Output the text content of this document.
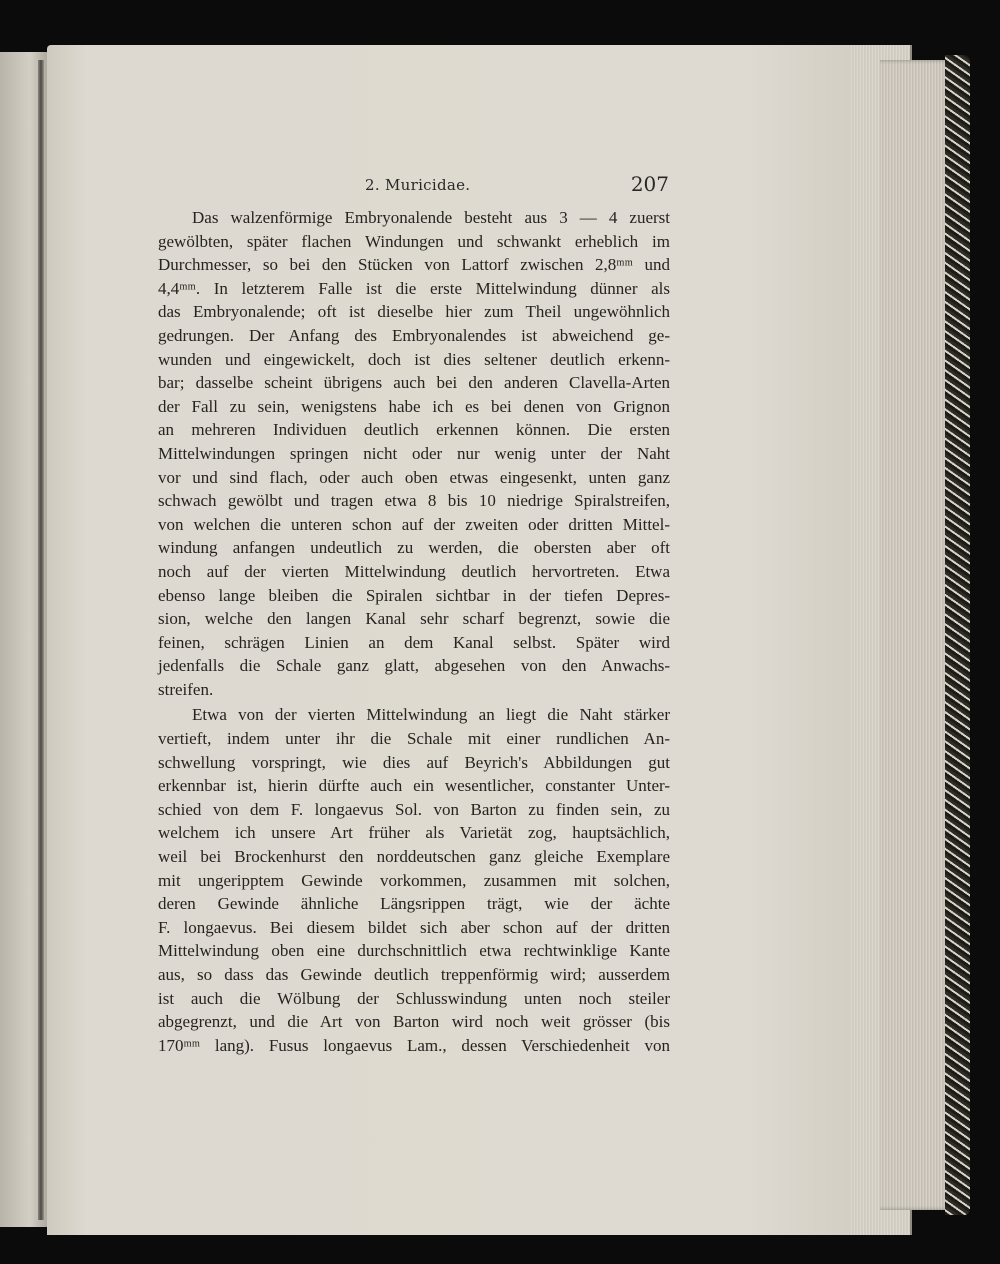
2. Muricidae.	207
Das walzenförmige Embryonalende besteht aus 3 — 4 zuerst
gewölbten, später flachen Windungen und schwankt erheblich im
Durchmesser, so bei den Stücken von Lattorf zwischen 2,8ᵐᵐ und
4,4ᵐᵐ. In letzterem Falle ist die erste Mittelwindung dünner als
das Embryonalende; oft ist dieselbe hier zum Theil ungewöhnlich
gedrungen. Der Anfang des Embryonalendes ist abweichend ge-
wunden und eingewickelt, doch ist dies seltener deutlich erkenn-
bar; dasselbe scheint übrigens auch bei den anderen Clavella-Arten
der Fall zu sein, wenigstens habe ich es bei denen von Grignon
an mehreren Individuen deutlich erkennen können. Die ersten
Mittelwindungen springen nicht oder nur wenig unter der Naht
vor und sind flach, oder auch oben etwas eingesenkt, unten ganz
schwach gewölbt und tragen etwa 8 bis 10 niedrige Spiralstreifen,
von welchen die unteren schon auf der zweiten oder dritten Mittel-
windung anfangen undeutlich zu werden, die obersten aber oft
noch auf der vierten Mittelwindung deutlich hervortreten. Etwa
ebenso lange bleiben die Spiralen sichtbar in der tiefen Depres-
sion, welche den langen Kanal sehr scharf begrenzt, sowie die
feinen, schrägen Linien an dem Kanal selbst. Später wird
jedenfalls die Schale ganz glatt, abgesehen von den Anwachs-
streifen.
Etwa von der vierten Mittelwindung an liegt die Naht stärker
vertieft, indem unter ihr die Schale mit einer rundlichen An-
schwellung vorspringt, wie dies auf Beyrich's Abbildungen gut
erkennbar ist, hierin dürfte auch ein wesentlicher, constanter Unter-
schied von dem F. longaevus Sol. von Barton zu finden sein, zu
welchem ich unsere Art früher als Varietät zog, hauptsächlich,
weil bei Brockenhurst den norddeutschen ganz gleiche Exemplare
mit ungeripptem Gewinde vorkommen, zusammen mit solchen,
deren Gewinde ähnliche Längsrippen trägt, wie der ächte
F. longaevus. Bei diesem bildet sich aber schon auf der dritten
Mittelwindung oben eine durchschnittlich etwa rechtwinklige Kante
aus, so dass das Gewinde deutlich treppenförmig wird; ausserdem
ist auch die Wölbung der Schlusswindung unten noch steiler
abgegrenzt, und die Art von Barton wird noch weit grösser (bis
170ᵐᵐ lang). Fusus longaevus Lam., dessen Verschiedenheit von
